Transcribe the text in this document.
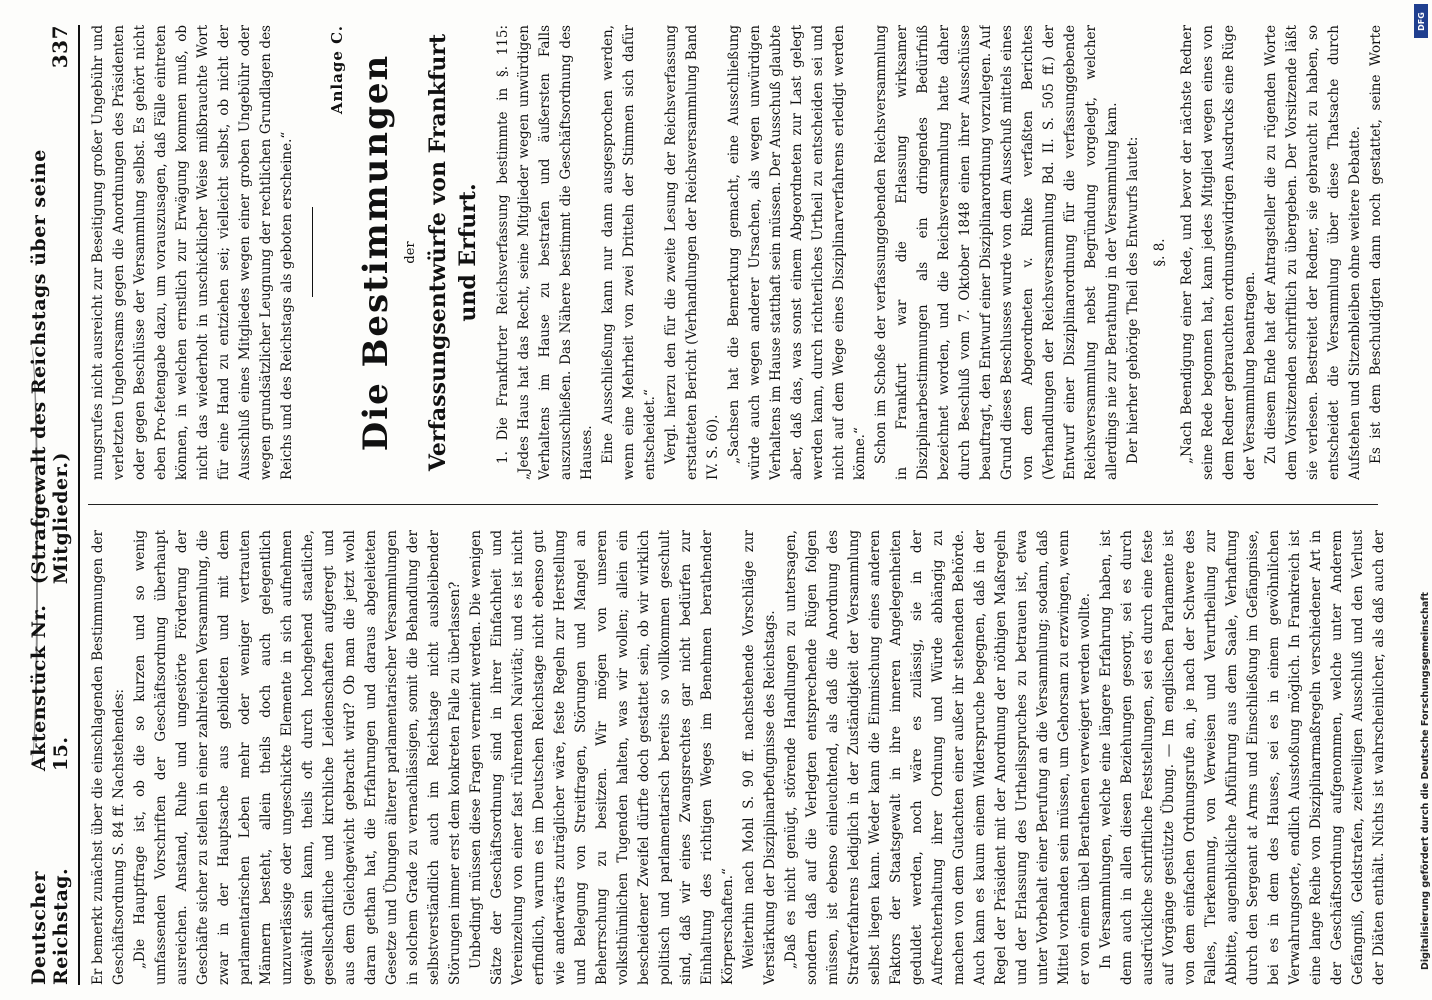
Deutscher Reichstag.
Aktenstück Nr. 15.
(Strafgewalt des Reichstags über seine Mitglieder.)
337

Er bemerkt zunächst über die einschlagenden Bestimmungen der Geschäftsordnung S. 84 ff. Nachstehendes: „Die Hauptfrage ist, ob die so kurzen und so wenig umfassenden Vorschriften der Geschäftsordnung überhaupt ausreichen. Anstand, Ruhe und ungestörte Förderung der Geschäfte sicher zu stellen in einer zahlreichen Versammlung, die zwar in der Hauptsache aus gebildeten und mit dem parlamentarischen Leben mehr oder weniger vertrauten Männern besteht, allein theils doch auch gelegentlich unzuverlässige oder ungeschickte Elemente in sich aufnehmen gewählt sein kann, theils oft durch hochgehend staatliche, gesellschaftliche und kirchliche Leidenschaften aufgeregt und aus dem Gleichgewicht gebracht wird? Ob man die jetzt wohl daran gethan hat, die Erfahrungen und daraus abgeleiteten Gesetze und Übungen älterer parlamentarischer Versammlungen in solchem Grade zu vernachlässigen, somit die Behandlung der selbstverständlich auch im Reichstage nicht ausbleibender Störungen immer erst dem konkreten Falle zu überlassen? Unbedingt müssen diese Fragen verneint werden. Die wenigen Sätze der Geschäftsordnung sind in ihrer Einfachheit und Vereinzelung von einer fast rührenden Naivität; und es ist nicht erfindlich, warum es im Deutschen Reichstage nicht ebenso gut wie anderwärts zuträglicher wäre, feste Regeln zur Herstellung und Belegung von Streitfragen, Störungen und Mangel an Beherrschung zu besitzen. Wir mögen von unseren volksthümlichen Tugenden halten, was wir wollen; allein ein bescheidener Zweifel dürfte doch gestattet sein, ob wir wirklich politisch und parlamentarisch bereits so vollkommen geschult sind, daß wir eines Zwangsrechtes gar nicht bedürfen zur Einhaltung des richtigen Weges im Benehmen berathender Körperschaften.“ Weiterhin nach Mohl S. 90 ff. nachstehende Vorschläge zur Verstärkung der Disziplinarbefugnisse des Reichstags. „Daß es nicht genügt, störende Handlungen zu untersagen, sondern daß auf die Verlegten entsprechende Rügen folgen müssen, ist ebenso einleuchtend, als daß die Anordnung des Strafverfahrens lediglich in der Zuständigkeit der Versammlung selbst liegen kann. Weder kann die Einmischung eines anderen Faktors der Staatsgewalt in ihre inneren Angelegenheiten geduldet werden, noch wäre es zulässig, sie in der Aufrechterhaltung ihrer Ordnung und Würde abhängig zu machen von dem Gutachten einer außer ihr stehenden Behörde. Auch kann es kaum einem Widerspruche begegnen, daß in der Regel der Präsident mit der Anordnung der nöthigen Maßregeln und der Erlassung des Urtheilsspruches zu betrauen ist, etwa unter Vorbehalt einer Berufung an die Versammlung; sodann, daß Mittel vorhanden sein müssen, um Gehorsam zu erzwingen, wenn er von einem übel Berathenen verweigert werden wollte. In Versammlungen, welche eine längere Erfahrung haben, ist denn auch in allen diesen Beziehungen gesorgt, sei es durch ausdrückliche schriftliche Feststellungen, sei es durch eine feste auf Vorgänge gestützte Übung. — Im englischen Parlamente ist von dem einfachen Ordnungsrufe an, je nach der Schwere des Falles, Tierkennung, von Verweisen und Verurtheilung zur Abbitte, augenblickliche Abführung aus dem Saale, Verhaftung durch den Sergeant at Arms und Einschließung im Gefängnisse, bei es in dem des Hauses, sei es in einem gewöhnlichen Verwahrungsorte, endlich Ausstoßung möglich. In Frankreich ist eine lange Reihe von Disziplinarmaßregeln verschiedener Art in der Geschäftsordnung aufgenommen, welche unter Anderem Gefängniß, Geldstrafen, zeitweiligen Ausschluß und den Verlust der Diäten enthält. Nichts ist wahrscheinlicher, als daß auch der

nungsrufes nicht ausreicht zur Beseitigung großer Ungebühr und verletzten Ungehorsams gegen die Anordnungen des Präsidenten oder gegen Beschlüsse der Versammlung selbst. Es gehört nicht eben Pro-fetengabe dazu, um vorauszusagen, daß Fälle eintreten können, in welchen ernstlich zur Erwägung kommen muß, ob nicht das wiederholt in unschicklicher Weise mißbrauchte Wort für eine Hand zu entziehen sei; vielleicht selbst, ob nicht der Ausschluß eines Mitgliedes wegen einer groben Ungebühr oder wegen grundsätzlicher Leugnung der rechtlichen Grundlagen des Reichs und des Reichstags als geboten erscheine.“

Anlage C. Die Bestimmungen der Verfassungsentwürfe von Frankfurt und Erfurt. 1. Die Frankfurter Reichsverfassung bestimmte in §. 115: „Jedes Haus hat das Recht, seine Mitglieder wegen unwürdigen Verhaltens im Hause zu bestrafen und äußersten Falls auszuschließen. Das Nähere bestimmt die Geschäftsordnung des Hauses. Eine Ausschließung kann nur dann ausgesprochen werden, wenn eine Mehrheit von zwei Dritteln der Stimmen sich dafür entscheidet.“ Vergl. hierzu den für die zweite Lesung der Reichsverfassung erstatteten Bericht (Verhandlungen der Reichsversammlung Band IV. S. 60). „Sachsen hat die Bemerkung gemacht, eine Ausschließung würde auch wegen anderer Ursachen, als wegen unwürdigen Verhaltens im Hause statthaft sein müssen. Der Ausschuß glaubte aber, daß das, was sonst einem Abgeordneten zur Last gelegt werden kann, durch richterliches Urtheil zu entscheiden sei und nicht auf dem Wege eines Disziplinarverfahrens erledigt werden könne.“ Schon im Schoße der verfassunggebenden Reichsversammlung in Frankfurt war die Erlassung wirksamer Disziplinarbestimmungen als ein dringendes Bedürfniß bezeichnet worden, und die Reichsversammlung hatte daher durch Beschluß vom 7. Oktober 1848 einen ihrer Ausschüsse beauftragt, den Entwurf einer Disziplinarordnung vorzulegen. Auf Grund dieses Beschlusses wurde von dem Ausschuß mittels eines von dem Abgeordneten v. Rinke verfaßten Berichtes (Verhandlungen der Reichsversammlung Bd. II. S. 505 ff.) der Entwurf einer Disziplinarordnung für die verfassunggebende Reichsversammlung nebst Begründung vorgelegt, welcher allerdings nie zur Berathung in der Versammlung kam. Der hierher gehörige Theil des Entwurfs lautet: §. 8. „Nach Beendigung einer Rede, und bevor der nächste Redner seine Rede begonnen hat, kann jedes Mitglied wegen eines von dem Redner gebrauchten ordnungswidrigen Ausdrucks eine Rüge der Versammlung beantragen. Zu diesem Ende hat der Antragsteller die zu rügenden Worte dem Vorsitzenden schriftlich zu übergeben. Der Vorsitzende läßt sie verlesen. Bestreitet der Redner, sie gebraucht zu haben, so entscheidet die Versammlung über diese Thatsache durch Aufstehen und Sitzenbleiben ohne weitere Debatte. Es ist dem Beschuldigten dann noch gestattet, seine Worte

DFG
Digitalisierung gefördert durch die Deutsche Forschungsgemeinschaft
